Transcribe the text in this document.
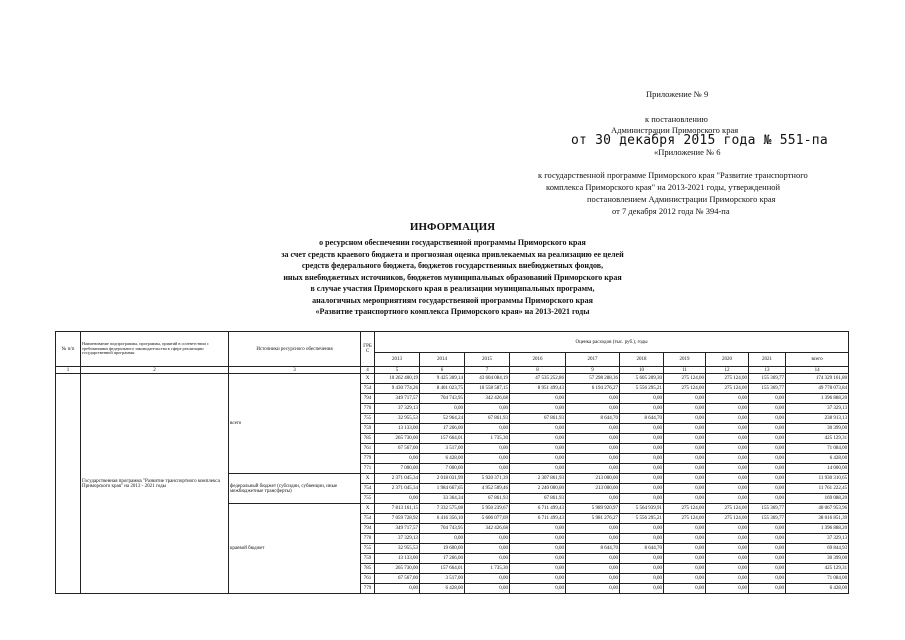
Приложение № 9
к постановлению
Администрации Приморского края
от 30 декабря 2015 года № 551-па
«Приложение № 6
к государственной программе Приморского края "Развитие транспортного
комплекса Приморского края" на 2013-2021 годы, утвержденной
постановлением Администрации Приморского края
от 7 декабря 2012 года № 394-па
ИНФОРМАЦИЯ
о ресурсном обеспечении государственной программы Приморского края
за счет средств краевого бюджета и прогнозная оценка привлекаемых на реализацию ее целей
средств федерального бюджета, бюджетов государственных внебюджетных фондов,
иных внебюджетных источников, бюджетов муниципальных образований Приморского края
в случае участия Приморского края в реализации муниципальных программ,
аналогичных мероприятиям государственной программы Приморского края
«Развитие транспортного комплекса Приморского края» на 2013-2021 годы
№ п/п	Наименование подпрограммы, программы, приятий в соответствии с требованиями федерального законодательства в сфере реализации государственной программы	Источники ресурсного обеспечения	ГРБ С	Оценка расходов (тыс. руб.), годы									
				2013	2014	2015	2016	2017	2018	2019	2020	2021	всего
1	2	3	4	5	6	7	8	9	10	11	12	13	14
	Государственная программа "Развитие транспортного комплекса Приморского края" на 2013 - 2021 годы	всего	Х	10 262 400,19	9 425 309,14	43 604 084,19	47 535 252,86	57 298 288,36	5 605 209,30	275 124,00	275 124,00	155 369,77	174 329 161,80
			754	9 430 774,26	8 401 023,75	10 558 587,15	8 951 499,43	6 194 276,27	5 556 295,21	275 124,00	275 124,00	155 369,77	49 778 073,84
			794	349 717,57	704 743,95	342 426,68	0,00	0,00	0,00	0,00	0,00	0,00	1 396 888,20
			770	37 329,13	0,00	0,00	0,00	0,00	0,00	0,00	0,00	0,00	37 329,13
			755	32 955,53	52 964,24	67 861,93	67 861,93	8 644,70	8 644,70	0,00	0,00	0,00	238 913,13
			759	13 133,00	17 266,00	0,00	0,00	0,00	0,00	0,00	0,00	0,00	30 399,00
			785	265 730,00	157 664,01	1 735,30	0,00	0,00	0,00	0,00	0,00	0,00	425 129,31
			761	67 567,00	3 517,00	0,00	0,00	0,00	0,00	0,00	0,00	0,00	71 084,00
			779	0,00	6 428,00	0,00	0,00	0,00	0,00	0,00	0,00	0,00	6 428,00
			771	7 000,00	7 000,00	0,00	0,00	0,00	0,00	0,00	0,00	0,00	14 000,00
		федеральный бюджет (субсидии, субвенции, иные межбюджетные трансферты)	Х	2 371 045,34	2 018 031,99	5 920 371,39	2 307 861,93	213 000,00	0,00	0,00	0,00	0,00	11 930 310,65
			754	2 371 045,34	1 984 667,65	4 952 509,46	2 240 000,00	213 000,00	0,00	0,00	0,00	0,00	11 761 222,45
			755	0,00	33 364,34	67 861,93	67 861,93	0,00	0,00	0,00	0,00	0,00	169 088,20
		краевой бюджет	Х	7 813 161,15	7 332 575,08	5 950 239,67	6 711 499,43	5 989 920,97	5 564 939,91	275 124,00	275 124,00	155 369,77	40 067 953,96
			754	7 059 728,92	6 416 356,10	5 606 077,69	6 711 499,43	5 981 276,27	5 556 295,21	275 124,00	275 124,00	155 369,77	38 016 851,39
			794	349 717,57	704 743,95	342 426,68	0,00	0,00	0,00	0,00	0,00	0,00	1 396 888,20
			770	37 329,13	0,00	0,00	0,00	0,00	0,00	0,00	0,00	0,00	37 329,13
			755	32 955,53	19 600,00	0,00	0,00	8 644,70	8 644,70	0,00	0,00	0,00	69 844,93
			759	13 133,00	17 266,00	0,00	0,00	0,00	0,00	0,00	0,00	0,00	30 399,00
			785	265 730,00	157 664,01	1 735,30	0,00	0,00	0,00	0,00	0,00	0,00	425 129,31
			761	67 567,00	3 517,00	0,00	0,00	0,00	0,00	0,00	0,00	0,00	71 084,00
			779	0,00	6 428,00	0,00	0,00	0,00	0,00	0,00	0,00	0,00	6 428,00
